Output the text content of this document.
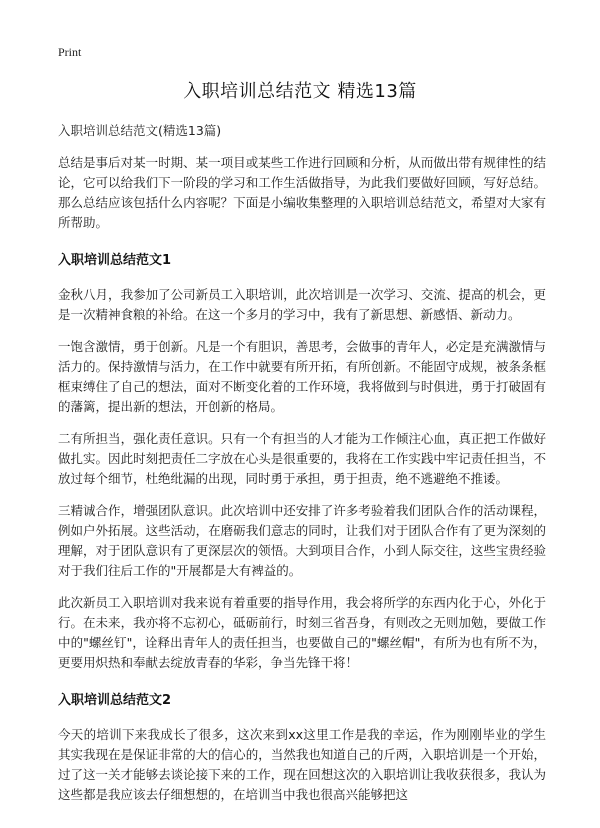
Print
入职培训总结范文 精选13篇

入职培训总结范文(精选13篇)

总结是事后对某一时期、某一项目或某些工作进行回顾和分析，从而做出带有规律性的结论，它可以给我们下一阶段的学习和工作生活做指导，为此我们要做好回顾，写好总结。那么总结应该包括什么内容呢？下面是小编收集整理的入职培训总结范文，希望对大家有所帮助。

入职培训总结范文1

金秋八月，我参加了公司新员工入职培训，此次培训是一次学习、交流、提高的机会，更是一次精神食粮的补给。在这一个多月的学习中，我有了新思想、新感悟、新动力。

一饱含激情，勇于创新。凡是一个有胆识，善思考，会做事的青年人，必定是充满激情与活力的。保持激情与活力，在工作中就要有所开拓，有所创新。不能固守成规，被条条框框束缚住了自己的想法，面对不断变化着的工作环境，我将做到与时俱进，勇于打破固有的藩篱，提出新的想法，开创新的格局。

二有所担当，强化责任意识。只有一个有担当的人才能为工作倾注心血，真正把工作做好做扎实。因此时刻把责任二字放在心头是很重要的，我将在工作实践中牢记责任担当，不放过每个细节，杜绝纰漏的出现，同时勇于承担，勇于担责，绝不逃避绝不推诿。

三精诚合作，增强团队意识。此次培训中还安排了许多考验着我们团队合作的活动课程，例如户外拓展。这些活动，在磨砺我们意志的同时，让我们对于团队合作有了更为深刻的理解，对于团队意识有了更深层次的领悟。大到项目合作，小到人际交往，这些宝贵经验对于我们往后工作的"开展都是大有裨益的。

此次新员工入职培训对我来说有着重要的指导作用，我会将所学的东西内化于心，外化于行。在未来，我亦将不忘初心，砥砺前行，时刻三省吾身，有则改之无则加勉，要做工作中的"螺丝钉"，诠释出青年人的责任担当，也要做自己的"螺丝帽"，有所为也有所不为，更要用炽热和奉献去绽放青春的华彩，争当先锋干将！

入职培训总结范文2

今天的培训下来我成长了很多，这次来到xx这里工作是我的幸运，作为刚刚毕业的学生其实我现在是保证非常的大的信心的，当然我也知道自己的斤两，入职培训是一个开始，过了这一关才能够去谈论接下来的工作，现在回想这次的入职培训让我收获很多，我认为这些都是我应该去仔细想想的，在培训当中我也很高兴能够把这
